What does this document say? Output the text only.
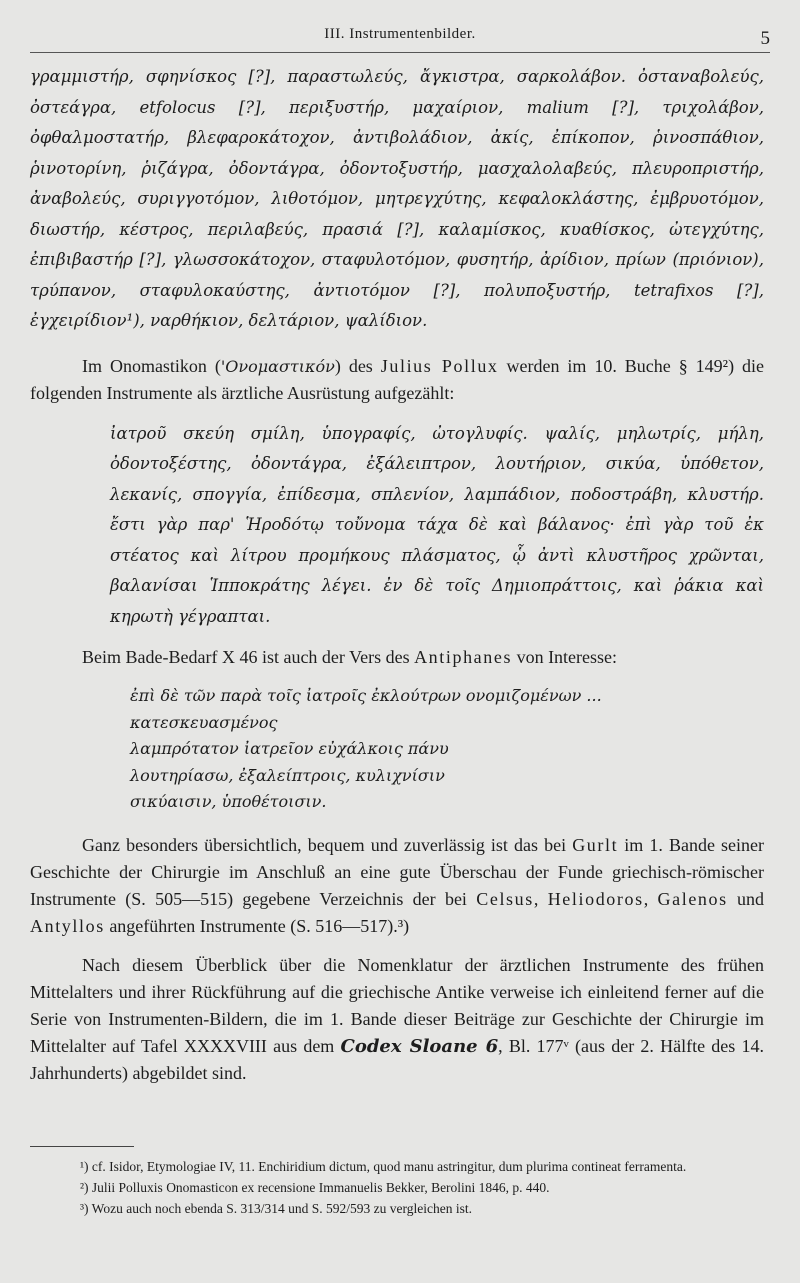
III. Instrumentenbilder.	5

γραμμιστήρ, σφηνίσκος [?], παραστωλεύς, ἄγκιστρα, σαρκολάβον. ὀσταναβολεύς, ὀστεάγρα, etfolocus [?], περιξυστήρ, μαχαίριον, malium [?], τριχολάβον, ὀφθαλμοστατήρ, βλεφαροκάτοχον, ἀντιβολάδιον, ἀκίς, ἐπίκοπον, ῥινοσπάθιον, ῥινοτορίνη, ῥιζάγρα, ὀδοντάγρα, ὀδοντοξυστήρ, μασχαλολαβεύς, πλευροπριστήρ, ἀναβολεύς, συριγγοτόμον, λιθοτόμον, μητρεγχύτης, κεφαλοκλάστης, ἐμβρυοτόμον, διωστήρ, κέστρος, περιλαβεύς, πρασιά [?], καλαμίσκος, κυαθίσκος, ὠτεγχύτης, ἐπιβιβαστήρ [?], γλωσσοκάτοχον, σταφυλοτόμον, φυσητήρ, ἀρίδιον, πρίων (πριόνιον), τρύπανον, σταφυλοκαύστης, ἀντιοτόμον [?], πολυποξυστήρ, tetrafixos [?], ἐγχειρίδιον¹), ναρθήκιον, δελτάριον, ψαλίδιον.

Im Onomastikon ('Ονομαστικόν) des Julius Pollux werden im 10. Buche § 149²) die folgenden Instrumente als ärztliche Ausrüstung aufgezählt:

ἰατροῦ σκεύη σμίλη, ὑπογραφίς, ὠτογλυφίς. ψαλίς, μηλωτρίς, μήλη, ὀδοντοξέστης, ὀδοντάγρα, ἐξάλειπτρον, λουτήριον, σικύα, ὑπόθετον, λεκανίς, σπογγία, ἐπίδεσμα, σπλενίον, λαμπάδιον, ποδοστράβη, κλυστήρ. ἔστι γὰρ παρ' Ἡροδότῳ τοὔνομα τάχα δὲ καὶ βάλανος· ἐπὶ γὰρ τοῦ ἐκ στέατος καὶ λίτρου προμήκους πλάσματος, ᾧ ἀντὶ κλυστῆρος χρῶνται, βαλανίσαι Ἱπποκράτης λέγει. ἐν δὲ τοῖς Δημιοπράττοις, καὶ ῥάκια καὶ κηρωτὴ γέγραπται.

Beim Bade-Bedarf X 46 ist auch der Vers des Antiphanes von Interesse:

ἐπὶ δὲ τῶν παρὰ τοῖς ἰατροῖς ἐκλούτρων ονομιζομένων ...
κατεσκευασμένος
λαμπρότατον ἰατρεῖον εὐχάλκοις πάνυ
λουτηρίασω, ἐξαλείπτροις, κυλιχνίσιν
σικύαισιν, ὑποθέτοισιν.

Ganz besonders übersichtlich, bequem und zuverlässig ist das bei Gurlt im 1. Bande seiner Geschichte der Chirurgie im Anschluß an eine gute Überschau der Funde griechisch-römischer Instrumente (S. 505—515) gegebene Verzeichnis der bei Celsus, Heliodoros, Galenos und Antyllos angeführten Instrumente (S. 516—517).³)

Nach diesem Überblick über die Nomenklatur der ärztlichen Instrumente des frühen Mittelalters und ihrer Rückführung auf die griechische Antike verweise ich einleitend ferner auf die Serie von Instrumenten-Bildern, die im 1. Bande dieser Beiträge zur Geschichte der Chirurgie im Mittelalter auf Tafel XXXXVIII aus dem Codex Sloane 6, Bl. 177ᵛ (aus der 2. Hälfte des 14. Jahrhunderts) abgebildet sind.

¹) cf. Isidor, Etymologiae IV, 11. Enchiridium dictum, quod manu astringitur, dum plurima contineat ferramenta.

²) Julii Polluxis Onomasticon ex recensione Immanuelis Bekker, Berolini 1846, p. 440.

³) Wozu auch noch ebenda S. 313/314 und S. 592/593 zu vergleichen ist.
